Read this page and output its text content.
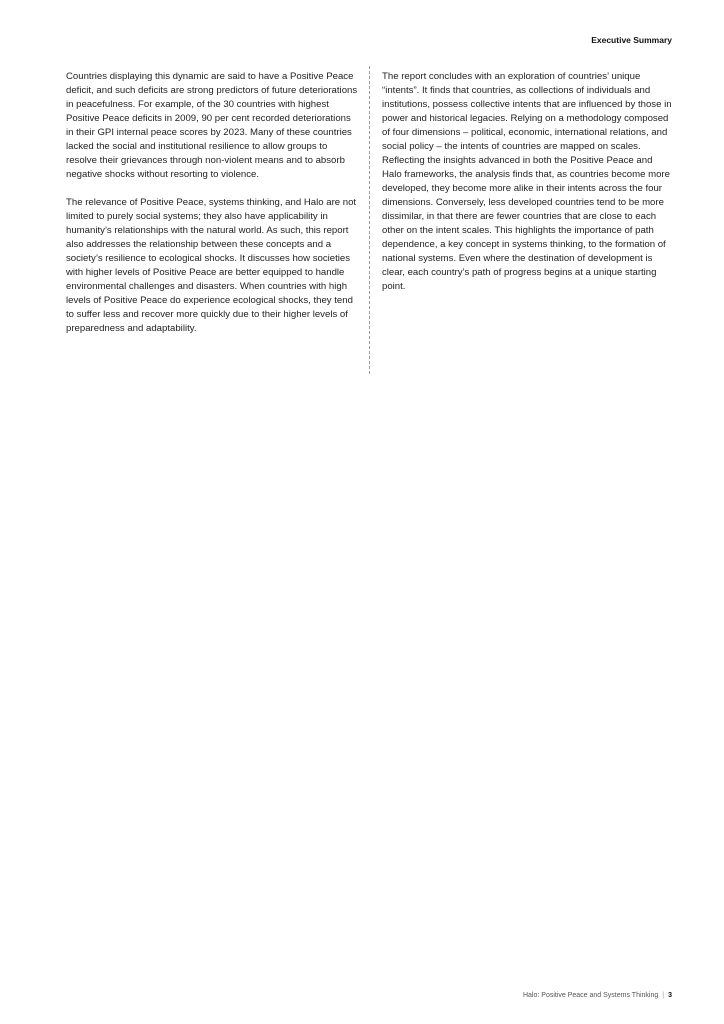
Executive Summary

Countries displaying this dynamic are said to have a Positive Peace deficit, and such deficits are strong predictors of future deteriorations in peacefulness. For example, of the 30 countries with highest Positive Peace deficits in 2009, 90 per cent recorded deteriorations in their GPI internal peace scores by 2023. Many of these countries lacked the social and institutional resilience to allow groups to resolve their grievances through non-violent means and to absorb negative shocks without resorting to violence.

The relevance of Positive Peace, systems thinking, and Halo are not limited to purely social systems; they also have applicability in humanity’s relationships with the natural world. As such, this report also addresses the relationship between these concepts and a society’s resilience to ecological shocks. It discusses how societies with higher levels of Positive Peace are better equipped to handle environmental challenges and disasters. When countries with high levels of Positive Peace do experience ecological shocks, they tend to suffer less and recover more quickly due to their higher levels of preparedness and adaptability.

The report concludes with an exploration of countries’ unique “intents”. It finds that countries, as collections of individuals and institutions, possess collective intents that are influenced by those in power and historical legacies. Relying on a methodology composed of four dimensions – political, economic, international relations, and social policy – the intents of countries are mapped on scales. Reflecting the insights advanced in both the Positive Peace and Halo frameworks, the analysis finds that, as countries become more developed, they become more alike in their intents across the four dimensions. Conversely, less developed countries tend to be more dissimilar, in that there are fewer countries that are close to each other on the intent scales. This highlights the importance of path dependence, a key concept in systems thinking, to the formation of national systems. Even where the destination of development is clear, each country’s path of progress begins at a unique starting point.

Halo: Positive Peace and Systems Thinking | 3
